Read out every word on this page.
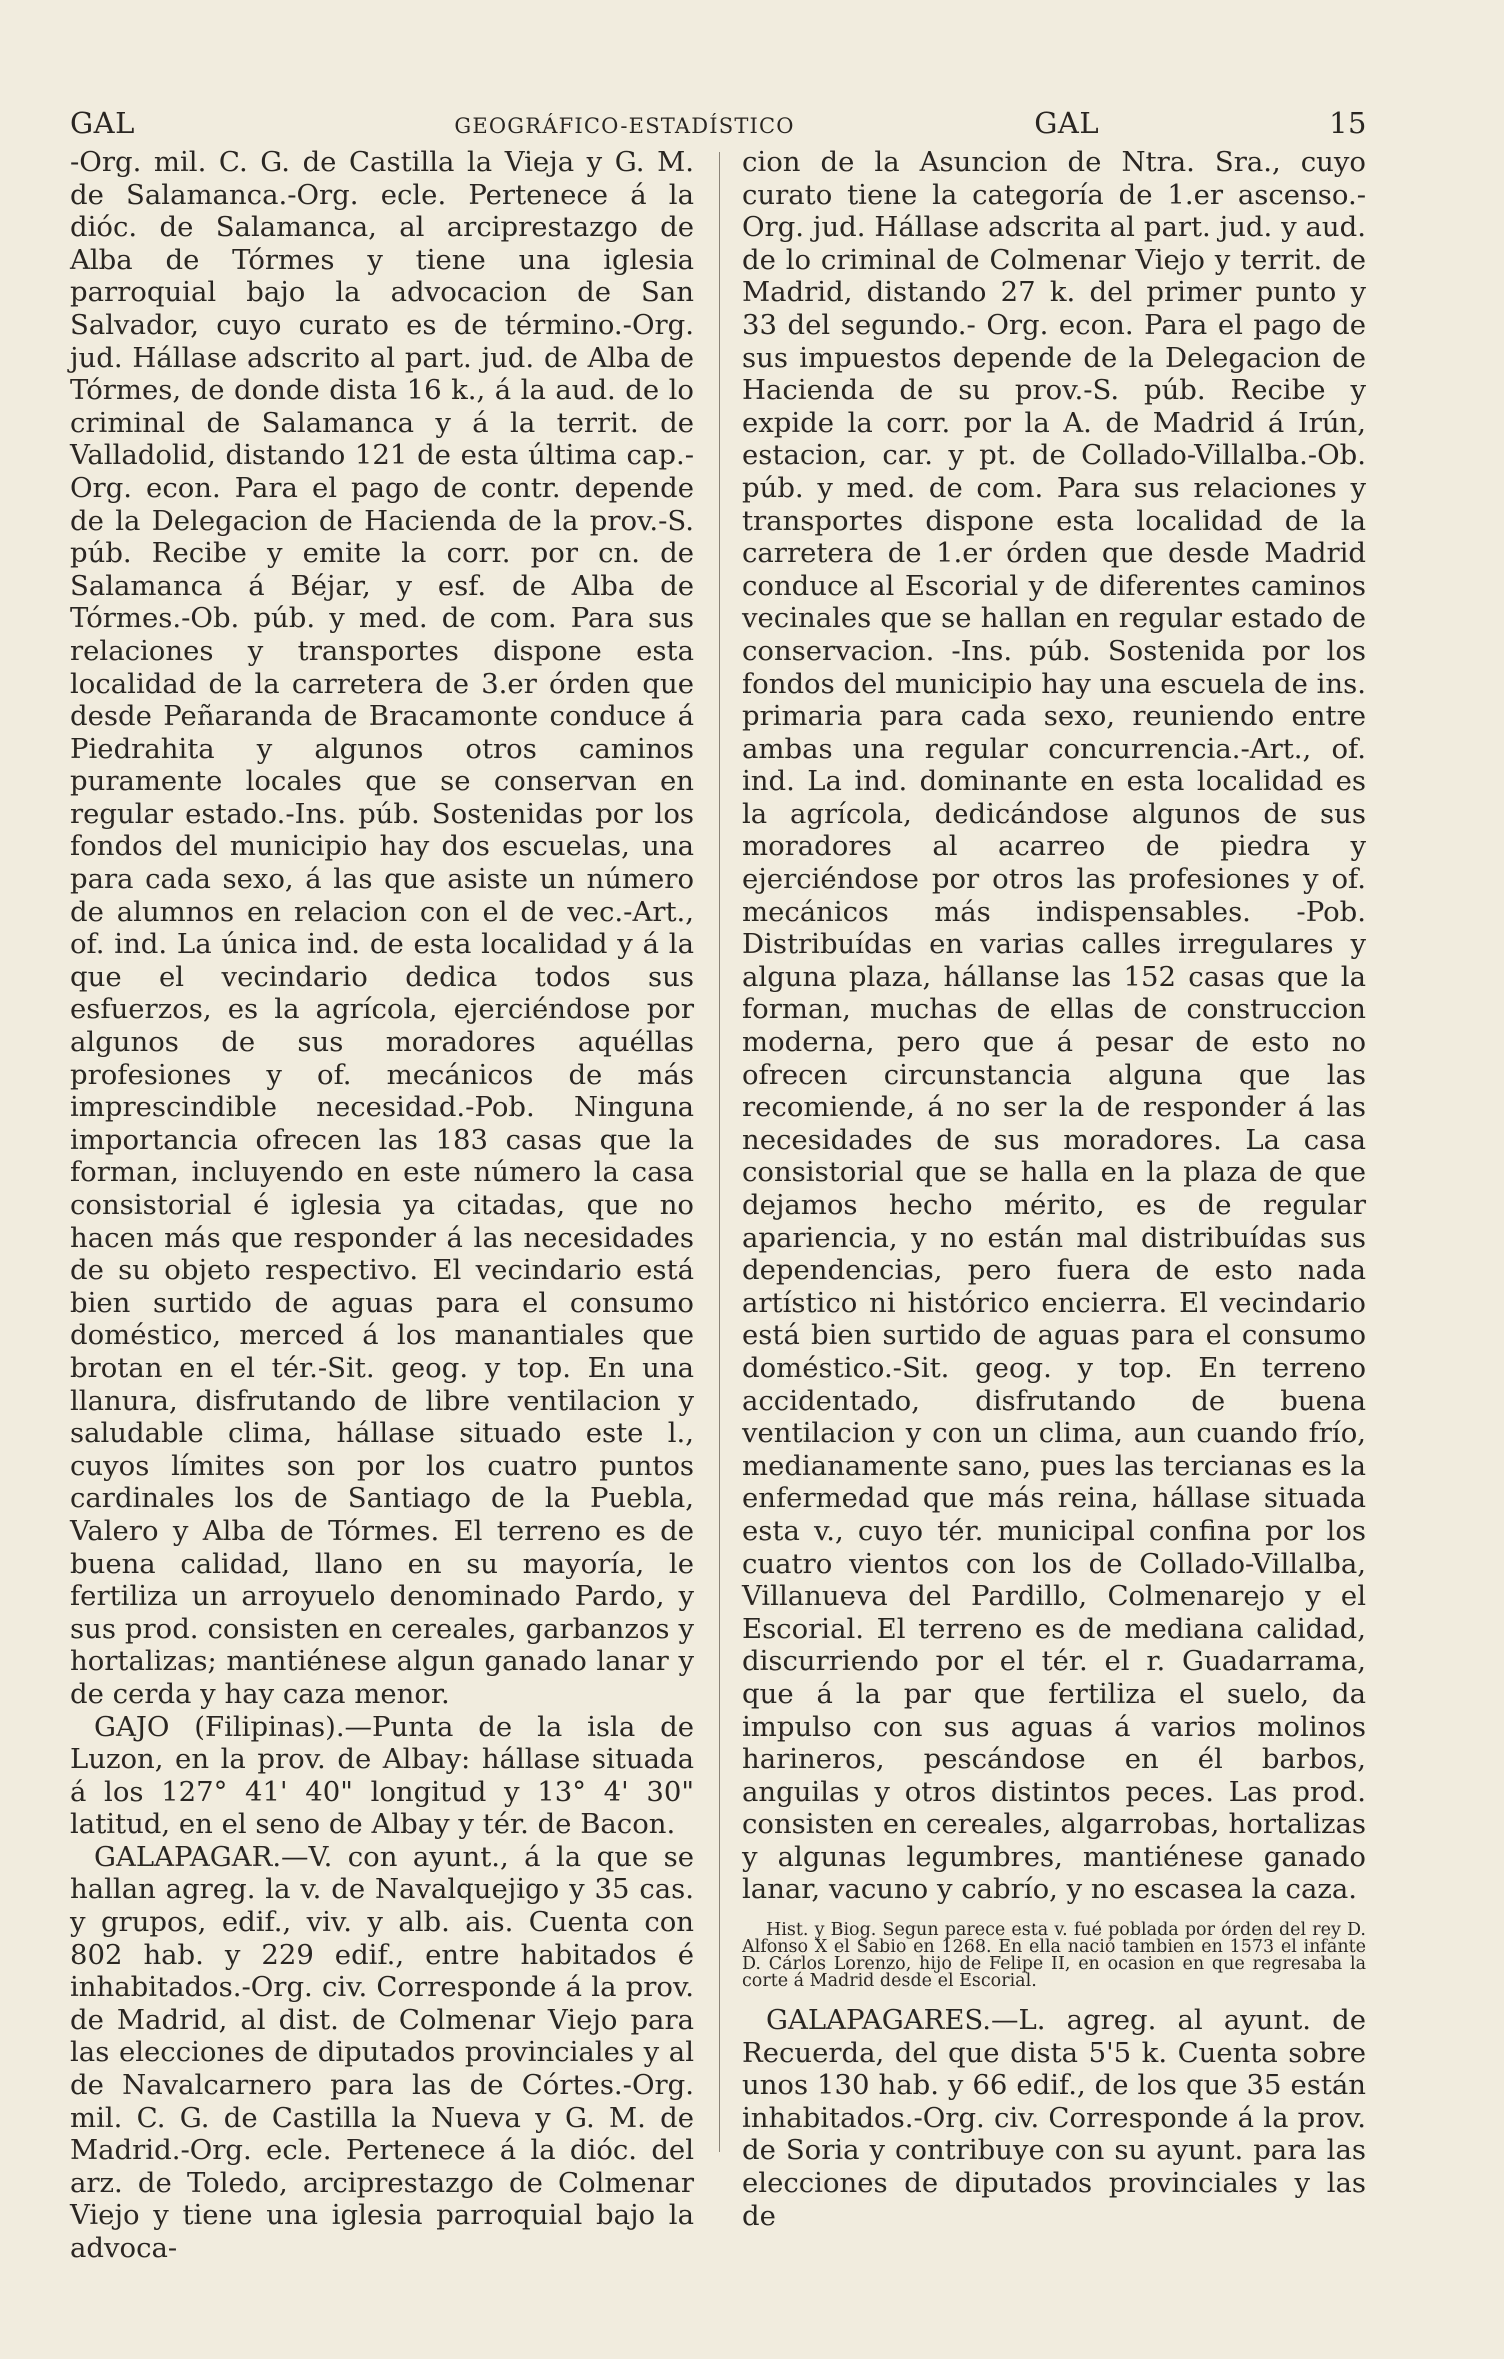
GAL	GEOGRÁFICO-ESTADÍSTICO	GAL	15

-Org. mil. C. G. de Castilla la Vieja y G. M. de Salamanca.-Org. ecle. Pertenece á la dióc. de Salamanca, al arciprestazgo de Alba de Tórmes y tiene una iglesia parroquial bajo la advocacion de San Salvador, cuyo curato es de término.-Org. jud. Hállase adscrito al part. jud. de Alba de Tórmes, de donde dista 16 k., á la aud. de lo criminal de Salamanca y á la territ. de Valladolid, distando 121 de esta última cap.-Org. econ. Para el pago de contr. depende de la Delegacion de Hacienda de la prov.-S. púb. Recibe y emite la corr. por cn. de Salamanca á Béjar, y esf. de Alba de Tórmes.-Ob. púb. y med. de com. Para sus relaciones y transportes dispone esta localidad de la carretera de 3.er órden que desde Peñaranda de Bracamonte conduce á Piedrahita y algunos otros caminos puramente locales que se conservan en regular estado.-Ins. púb. Sostenidas por los fondos del municipio hay dos escuelas, una para cada sexo, á las que asiste un número de alumnos en relacion con el de vec.-Art., of. ind. La única ind. de esta localidad y á la que el vecindario dedica todos sus esfuerzos, es la agrícola, ejerciéndose por algunos de sus moradores aquéllas profesiones y of. mecánicos de más imprescindible necesidad.-Pob. Ninguna importancia ofrecen las 183 casas que la forman, incluyendo en este número la casa consistorial é iglesia ya citadas, que no hacen más que responder á las necesidades de su objeto respectivo. El vecindario está bien surtido de aguas para el consumo doméstico, merced á los manantiales que brotan en el tér.-Sit. geog. y top. En una llanura, disfrutando de libre ventilacion y saludable clima, hállase situado este l., cuyos límites son por los cuatro puntos cardinales los de Santiago de la Puebla, Valero y Alba de Tórmes. El terreno es de buena calidad, llano en su mayoría, le fertiliza un arroyuelo denominado Pardo, y sus prod. consisten en cereales, garbanzos y hortalizas; mantiénese algun ganado lanar y de cerda y hay caza menor.

GAJO (Filipinas).—Punta de la isla de Luzon, en la prov. de Albay: hállase situada á los 127° 41' 40" longitud y 13° 4' 30" latitud, en el seno de Albay y tér. de Bacon.

GALAPAGAR.—V. con ayunt., á la que se hallan agreg. la v. de Navalquejigo y 35 cas. y grupos, edif., viv. y alb. ais. Cuenta con 802 hab. y 229 edif., entre habitados é inhabitados.-Org. civ. Corresponde á la prov. de Madrid, al dist. de Colmenar Viejo para las elecciones de diputados provinciales y al de Navalcarnero para las de Córtes.-Org. mil. C. G. de Castilla la Nueva y G. M. de Madrid.-Org. ecle. Pertenece á la dióc. del arz. de Toledo, arciprestazgo de Colmenar Viejo y tiene una iglesia parroquial bajo la advoca-

cion de la Asuncion de Ntra. Sra., cuyo curato tiene la categoría de 1.er ascenso.-Org. jud. Hállase adscrita al part. jud. y aud. de lo criminal de Colmenar Viejo y territ. de Madrid, distando 27 k. del primer punto y 33 del segundo.- Org. econ. Para el pago de sus impuestos depende de la Delegacion de Hacienda de su prov.-S. púb. Recibe y expide la corr. por la A. de Madrid á Irún, estacion, car. y pt. de Collado-Villalba.-Ob. púb. y med. de com. Para sus relaciones y transportes dispone esta localidad de la carretera de 1.er órden que desde Madrid conduce al Escorial y de diferentes caminos vecinales que se hallan en regular estado de conservacion. -Ins. púb. Sostenida por los fondos del municipio hay una escuela de ins. primaria para cada sexo, reuniendo entre ambas una regular concurrencia.-Art., of. ind. La ind. dominante en esta localidad es la agrícola, dedicándose algunos de sus moradores al acarreo de piedra y ejerciéndose por otros las profesiones y of. mecánicos más indispensables. -Pob. Distribuídas en varias calles irregulares y alguna plaza, hállanse las 152 casas que la forman, muchas de ellas de construccion moderna, pero que á pesar de esto no ofrecen circunstancia alguna que las recomiende, á no ser la de responder á las necesidades de sus moradores. La casa consistorial que se halla en la plaza de que dejamos hecho mérito, es de regular apariencia, y no están mal distribuídas sus dependencias, pero fuera de esto nada artístico ni histórico encierra. El vecindario está bien surtido de aguas para el consumo doméstico.-Sit. geog. y top. En terreno accidentado, disfrutando de buena ventilacion y con un clima, aun cuando frío, medianamente sano, pues las tercianas es la enfermedad que más reina, hállase situada esta v., cuyo tér. municipal confina por los cuatro vientos con los de Collado-Villalba, Villanueva del Pardillo, Colmenarejo y el Escorial. El terreno es de mediana calidad, discurriendo por el tér. el r. Guadarrama, que á la par que fertiliza el suelo, da impulso con sus aguas á varios molinos harineros, pescándose en él barbos, anguilas y otros distintos peces. Las prod. consisten en cereales, algarrobas, hortalizas y algunas legumbres, mantiénese ganado lanar, vacuno y cabrío, y no escasea la caza.

Hist. y Biog. Segun parece esta v. fué poblada por órden del rey D. Alfonso X el Sabio en 1268. En ella nació tambien en 1573 el infante D. Cárlos Lorenzo, hijo de Felipe II, en ocasion en que regresaba la corte á Madrid desde el Escorial.

GALAPAGARES.—L. agreg. al ayunt. de Recuerda, del que dista 5'5 k. Cuenta sobre unos 130 hab. y 66 edif., de los que 35 están inhabitados.-Org. civ. Corresponde á la prov. de Soria y contribuye con su ayunt. para las elecciones de diputados provinciales y las de
